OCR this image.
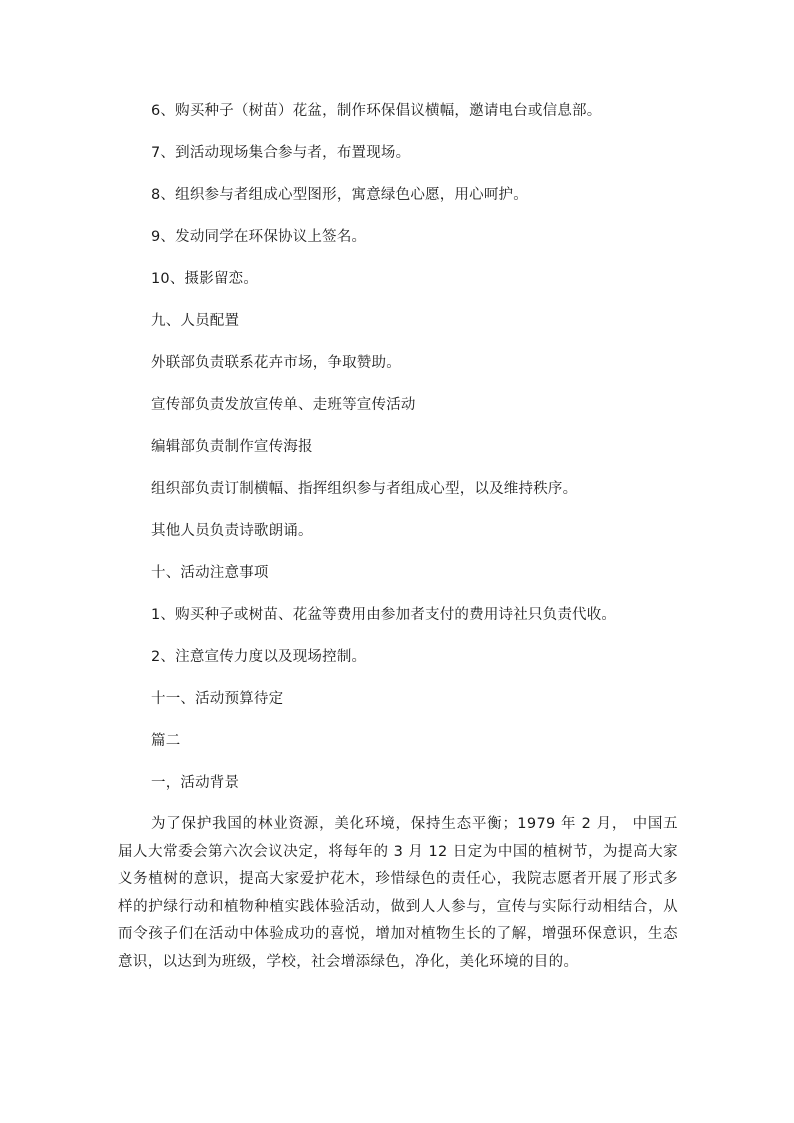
6、购买种子（树苗）花盆，制作环保倡议横幅，邀请电台或信息部。
7、到活动现场集合参与者，布置现场。
8、组织参与者组成心型图形，寓意绿色心愿，用心呵护。
9、发动同学在环保协议上签名。
10、摄影留恋。
九、人员配置
外联部负责联系花卉市场，争取赞助。
宣传部负责发放宣传单、走班等宣传活动
编辑部负责制作宣传海报
组织部负责订制横幅、指挥组织参与者组成心型，以及维持秩序。
其他人员负责诗歌朗诵。
十、活动注意事项
1、购买种子或树苗、花盆等费用由参加者支付的费用诗社只负责代收。
2、注意宣传力度以及现场控制。
十一、活动预算待定
篇二
一，活动背景

为了保护我国的林业资源，美化环境，保持生态平衡；1979 年 2 月， 中国五届人大常委会第六次会议决定，将每年的 3 月 12 日定为中国的植树节，为提高大家义务植树的意识，提高大家爱护花木，珍惜绿色的责任心，我院志愿者开展了形式多样的护绿行动和植物种植实践体验活动，做到人人参与，宣传与实际行动相结合，从而令孩子们在活动中体验成功的喜悦，增加对植物生长的了解，增强环保意识，生态意识，以达到为班级，学校，社会增添绿色，净化，美化环境的目的。
